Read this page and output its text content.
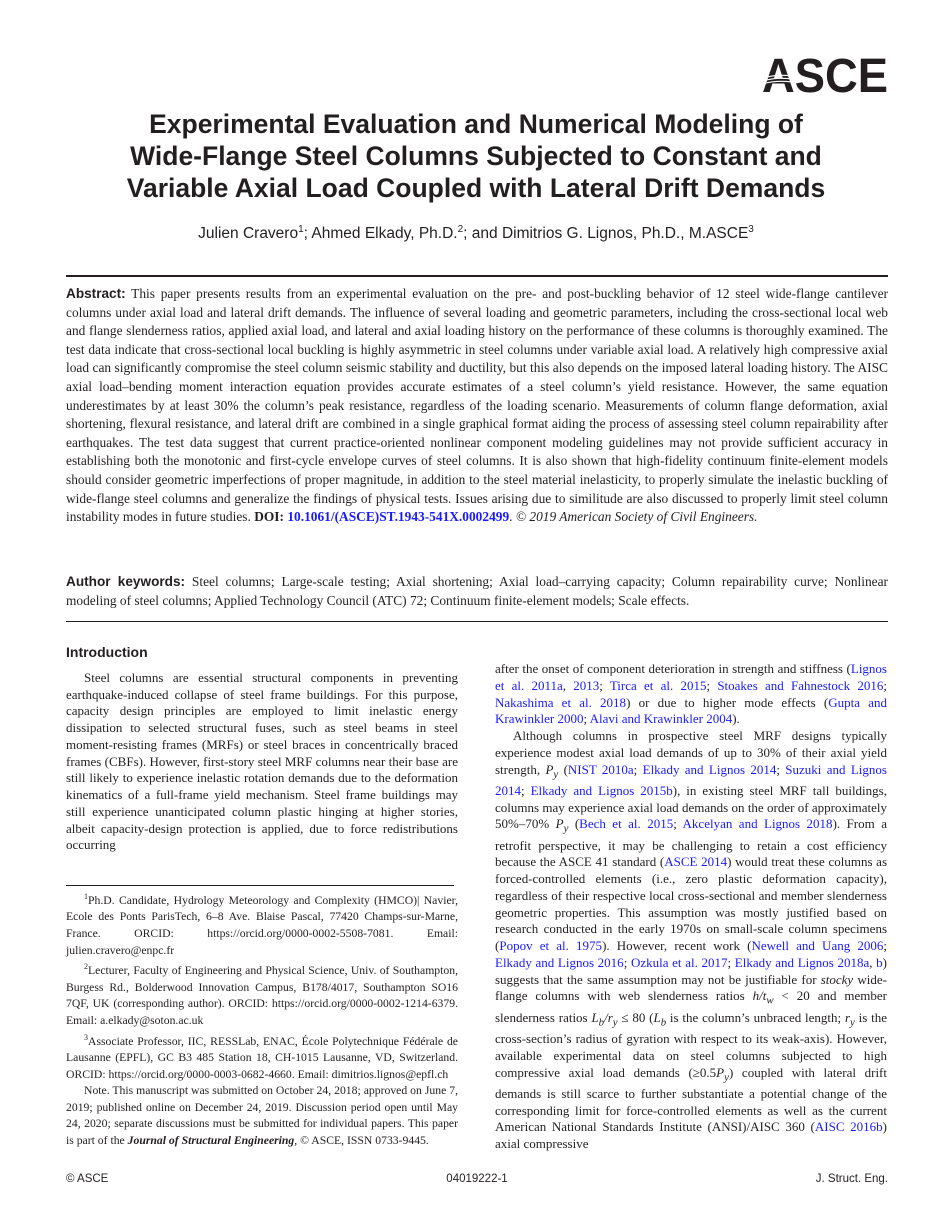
ASCE
Experimental Evaluation and Numerical Modeling of
Wide-Flange Steel Columns Subjected to Constant and
Variable Axial Load Coupled with Lateral Drift Demands
Julien Cravero$^1$; Ahmed Elkady, Ph.D.$^2$; and Dimitrios G. Lignos, Ph.D., M.ASCE$^3$

Abstract: This paper presents results from an experimental evaluation on the pre- and post-buckling behavior of 12 steel wide-flange cantilever columns under axial load and lateral drift demands. The influence of several loading and geometric parameters, including the cross-sectional local web and flange slenderness ratios, applied axial load, and lateral and axial loading history on the performance of these columns is thoroughly examined. The test data indicate that cross-sectional local buckling is highly asymmetric in steel columns under variable axial load. A relatively high compressive axial load can significantly compromise the steel column seismic stability and ductility, but this also depends on the imposed lateral loading history. The AISC axial load–bending moment interaction equation provides accurate estimates of a steel column’s yield resistance. However, the same equation underestimates by at least 30% the column’s peak resistance, regardless of the loading scenario. Measurements of column flange deformation, axial shortening, flexural resistance, and lateral drift are combined in a single graphical format aiding the process of assessing steel column repairability after earthquakes. The test data suggest that current practice-oriented nonlinear component modeling guidelines may not provide sufficient accuracy in establishing both the monotonic and first-cycle envelope curves of steel columns. It is also shown that high-fidelity continuum finite-element models should consider geometric imperfections of proper magnitude, in addition to the steel material inelasticity, to properly simulate the inelastic buckling of wide-flange steel columns and generalize the findings of physical tests. Issues arising due to similitude are also discussed to properly limit steel column instability modes in future studies. DOI: 10.1061/(ASCE)ST.1943-541X.0002499. © 2019 American Society of Civil Engineers.

Author keywords: Steel columns; Large-scale testing; Axial shortening; Axial load–carrying capacity; Column repairability curve; Nonlinear modeling of steel columns; Applied Technology Council (ATC) 72; Continuum finite-element models; Scale effects.

Introduction

Steel columns are essential structural components in preventing earthquake-induced collapse of steel frame buildings. For this purpose, capacity design principles are employed to limit inelastic energy dissipation to selected structural fuses, such as steel beams in steel moment-resisting frames (MRFs) or steel braces in concentrically braced frames (CBFs). However, first-story steel MRF columns near their base are still likely to experience inelastic rotation demands due to the deformation kinematics of a full-frame yield mechanism. Steel frame buildings may still experience unanticipated column plastic hinging at higher stories, albeit capacity-design protection is applied, due to force redistributions occurring

$^1$Ph.D. Candidate, Hydrology Meteorology and Complexity (HMCO)| Navier, Ecole des Ponts ParisTech, 6–8 Ave. Blaise Pascal, 77420 Champs-sur-Marne, France. ORCID: https://orcid.org/0000-0002-5508-7081. Email: julien.cravero@enpc.fr

$^2$Lecturer, Faculty of Engineering and Physical Science, Univ. of Southampton, Burgess Rd., Bolderwood Innovation Campus, B178/4017, Southampton SO16 7QF, UK (corresponding author). ORCID: https://orcid.org/0000-0002-1214-6379. Email: a.elkady@soton.ac.uk

$^3$Associate Professor, IIC, RESSLab, ENAC, École Polytechnique Fédérale de Lausanne (EPFL), GC B3 485 Station 18, CH-1015 Lausanne, VD, Switzerland. ORCID: https://orcid.org/0000-0003-0682-4660. Email: dimitrios.lignos@epfl.ch

Note. This manuscript was submitted on October 24, 2018; approved on June 7, 2019; published online on December 24, 2019. Discussion period open until May 24, 2020; separate discussions must be submitted for individual papers. This paper is part of the Journal of Structural Engineering, © ASCE, ISSN 0733-9445.

after the onset of component deterioration in strength and stiffness (Lignos et al. 2011a, 2013; Tirca et al. 2015; Stoakes and Fahnestock 2016; Nakashima et al. 2018) or due to higher mode effects (Gupta and Krawinkler 2000; Alavi and Krawinkler 2004).

Although columns in prospective steel MRF designs typically experience modest axial load demands of up to 30% of their axial yield strength, $P_y$ (NIST 2010a; Elkady and Lignos 2014; Suzuki and Lignos 2014; Elkady and Lignos 2015b), in existing steel MRF tall buildings, columns may experience axial load demands on the order of approximately 50%–70% $P_y$ (Bech et al. 2015; Akcelyan and Lignos 2018). From a retrofit perspective, it may be challenging to retain a cost efficiency because the ASCE 41 standard (ASCE 2014) would treat these columns as forced-controlled elements (i.e., zero plastic deformation capacity), regardless of their respective local cross-sectional and member slenderness geometric properties. This assumption was mostly justified based on research conducted in the early 1970s on small-scale column specimens (Popov et al. 1975). However, recent work (Newell and Uang 2006; Elkady and Lignos 2016; Ozkula et al. 2017; Elkady and Lignos 2018a, b) suggests that the same assumption may not be justifiable for stocky wide-flange columns with web slenderness ratios $h/t_w < 20$ and member slenderness ratios $L_b/r_y \le 80$ ($L_b$ is the column’s unbraced length; $r_y$ is the cross-section’s radius of gyration with respect to its weak-axis). However, available experimental data on steel columns subjected to high compressive axial load demands $(\ge 0.5P_y)$ coupled with lateral drift demands is still scarce to further substantiate a potential change of the corresponding limit for force-controlled elements as well as the current American National Standards Institute (ANSI)/AISC 360 (AISC 2016b) axial compressive

© ASCE	04019222-1	J. Struct. Eng.
